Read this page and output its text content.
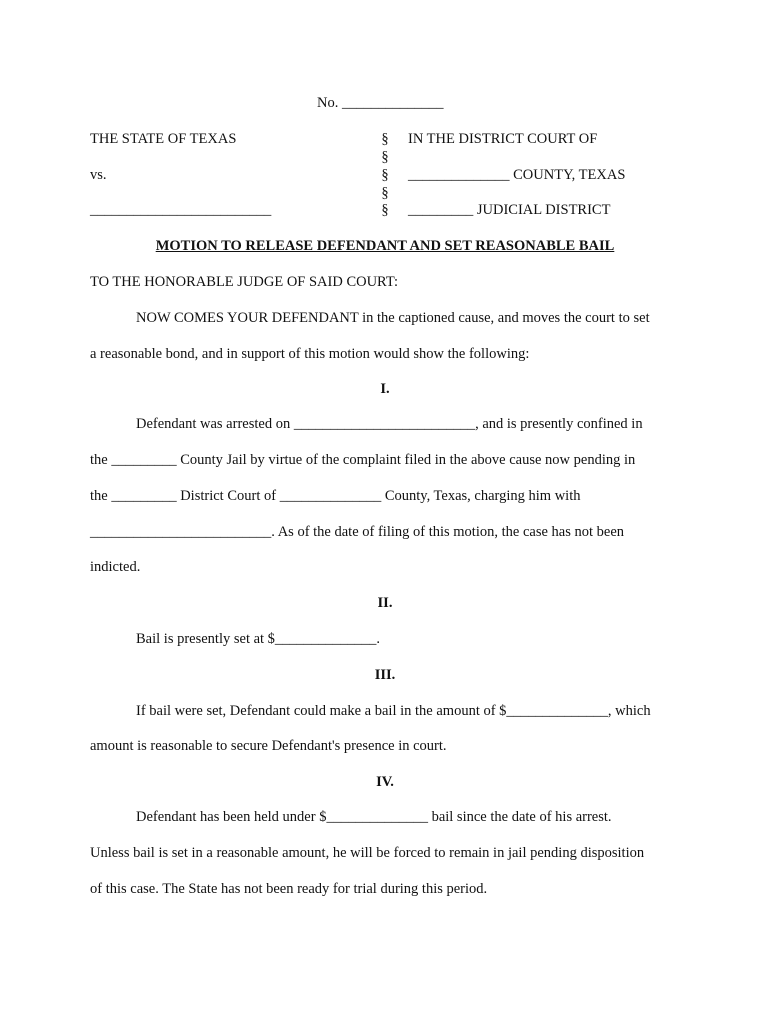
No. ______________
THE STATE OF TEXAS
vs.
_________________________
§
§
§
§
§
IN THE DISTRICT COURT OF
______________ COUNTY, TEXAS
_________ JUDICIAL DISTRICT
MOTION TO RELEASE DEFENDANT AND SET REASONABLE BAIL
TO THE HONORABLE JUDGE OF SAID COURT:
NOW COMES YOUR DEFENDANT in the captioned cause, and moves the court to set
a reasonable bond, and in support of this motion would show the following:
I.
Defendant was arrested on _________________________, and is presently confined in
the _________ County Jail by virtue of the complaint filed in the above cause now pending in
the _________ District Court of ______________ County, Texas, charging him with
_________________________. As of the date of filing of this motion, the case has not been
indicted.
II.
Bail is presently set at $______________.
III.
If bail were set, Defendant could make a bail in the amount of $______________, which
amount is reasonable to secure Defendant's presence in court.
IV.
Defendant has been held under $______________ bail since the date of his arrest.
Unless bail is set in a reasonable amount, he will be forced to remain in jail pending disposition
of this case. The State has not been ready for trial during this period.
